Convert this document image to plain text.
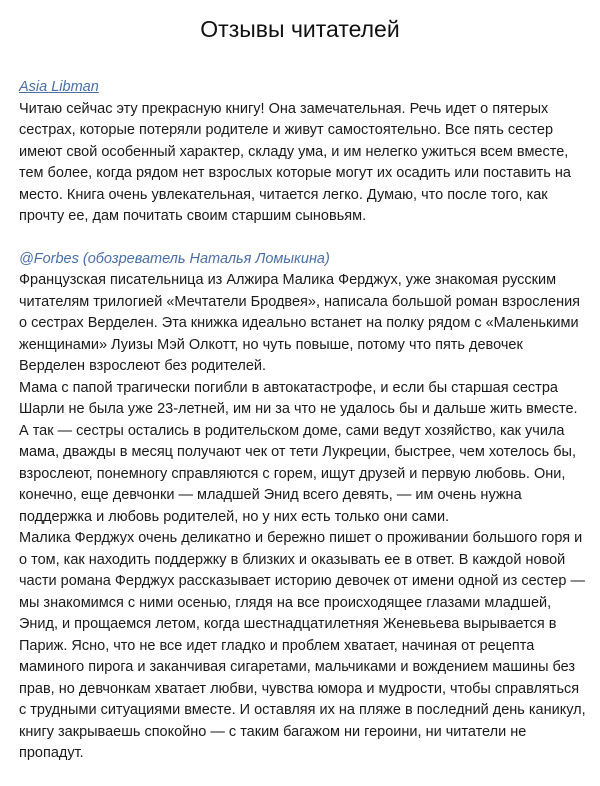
Отзывы читателей
Asia Libman

Читаю сейчас эту прекрасную книгу! Она замечательная. Речь идет о пятерых сестрах, которые потеряли родителе и живут самостоятельно. Все пять сестер имеют свой особенный характер, складу ума, и им нелегко ужиться всем вместе, тем более, когда рядом нет взрослых которые могут их осадить или поставить на место. Книга очень увлекательная, читается легко. Думаю, что после того, как прочту ее, дам почитать своим старшим сыновьям.

@Forbes (обозреватель Наталья Ломыкина)

Французская писательница из Алжира Малика Ферджух, уже знакомая русским читателям трилогией «Мечтатели Бродвея», написала большой роман взросления о сестрах Верделен. Эта книжка идеально встанет на полку рядом с «Маленькими женщинами» Луизы Мэй Олкотт, но чуть повыше, потому что пять девочек Верделен взрослеют без родителей.

Мама с папой трагически погибли в автокатастрофе, и если бы старшая сестра Шарли не была уже 23-летней, им ни за что не удалось бы и дальше жить вместе. А так — сестры остались в родительском доме, сами ведут хозяйство, как учила мама, дважды в месяц получают чек от тети Лукреции, быстрее, чем хотелось бы, взрослеют, понемногу справляются с горем, ищут друзей и первую любовь. Они, конечно, еще девчонки — младшей Энид всего девять, — им очень нужна поддержка и любовь родителей, но у них есть только они сами.

Малика Ферджух очень деликатно и бережно пишет о проживании большого горя и о том, как находить поддержку в близких и оказывать ее в ответ. В каждой новой части романа Ферджух рассказывает историю девочек от имени одной из сестер — мы знакомимся с ними осенью, глядя на все происходящее глазами младшей, Энид, и прощаемся летом, когда шестнадцатилетняя Женевьева вырывается в Париж. Ясно, что не все идет гладко и проблем хватает, начиная от рецепта маминого пирога и заканчивая сигаретами, мальчиками и вождением машины без прав, но девчонкам хватает любви, чувства юмора и мудрости, чтобы справляться с трудными ситуациями вместе. И оставляя их на пляже в последний день каникул, книгу закрываешь спокойно — с таким багажом ни героини, ни читатели не пропадут.
